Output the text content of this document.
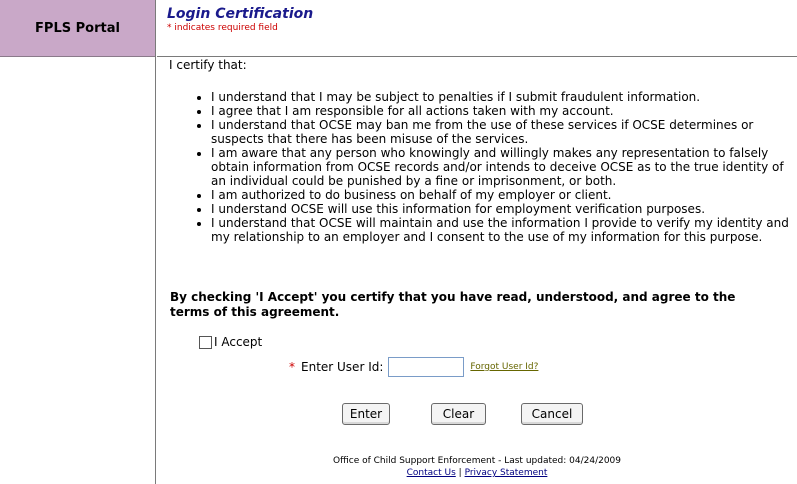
FPLS Portal
Login Certification
* indicates required field
I certify that:
• I understand that I may be subject to penalties if I submit fraudulent information.
• I agree that I am responsible for all actions taken with my account.
• I understand that OCSE may ban me from the use of these services if OCSE determines or suspects that there has been misuse of the services.
• I am aware that any person who knowingly and willingly makes any representation to falsely obtain information from OCSE records and/or intends to deceive OCSE as to the true identity of an individual could be punished by a fine or imprisonment, or both.
• I am authorized to do business on behalf of my employer or client.
• I understand OCSE will use this information for employment verification purposes.
• I understand that OCSE will maintain and use the information I provide to verify my identity and my relationship to an employer and I consent to the use of my information for this purpose.
By checking 'I Accept' you certify that you have read, understood, and agree to the terms of this agreement.
I Accept
* Enter User Id:	Forgot User Id?
Enter	Clear	Cancel
Office of Child Support Enforcement - Last updated: 04/24/2009
Contact Us | Privacy Statement
